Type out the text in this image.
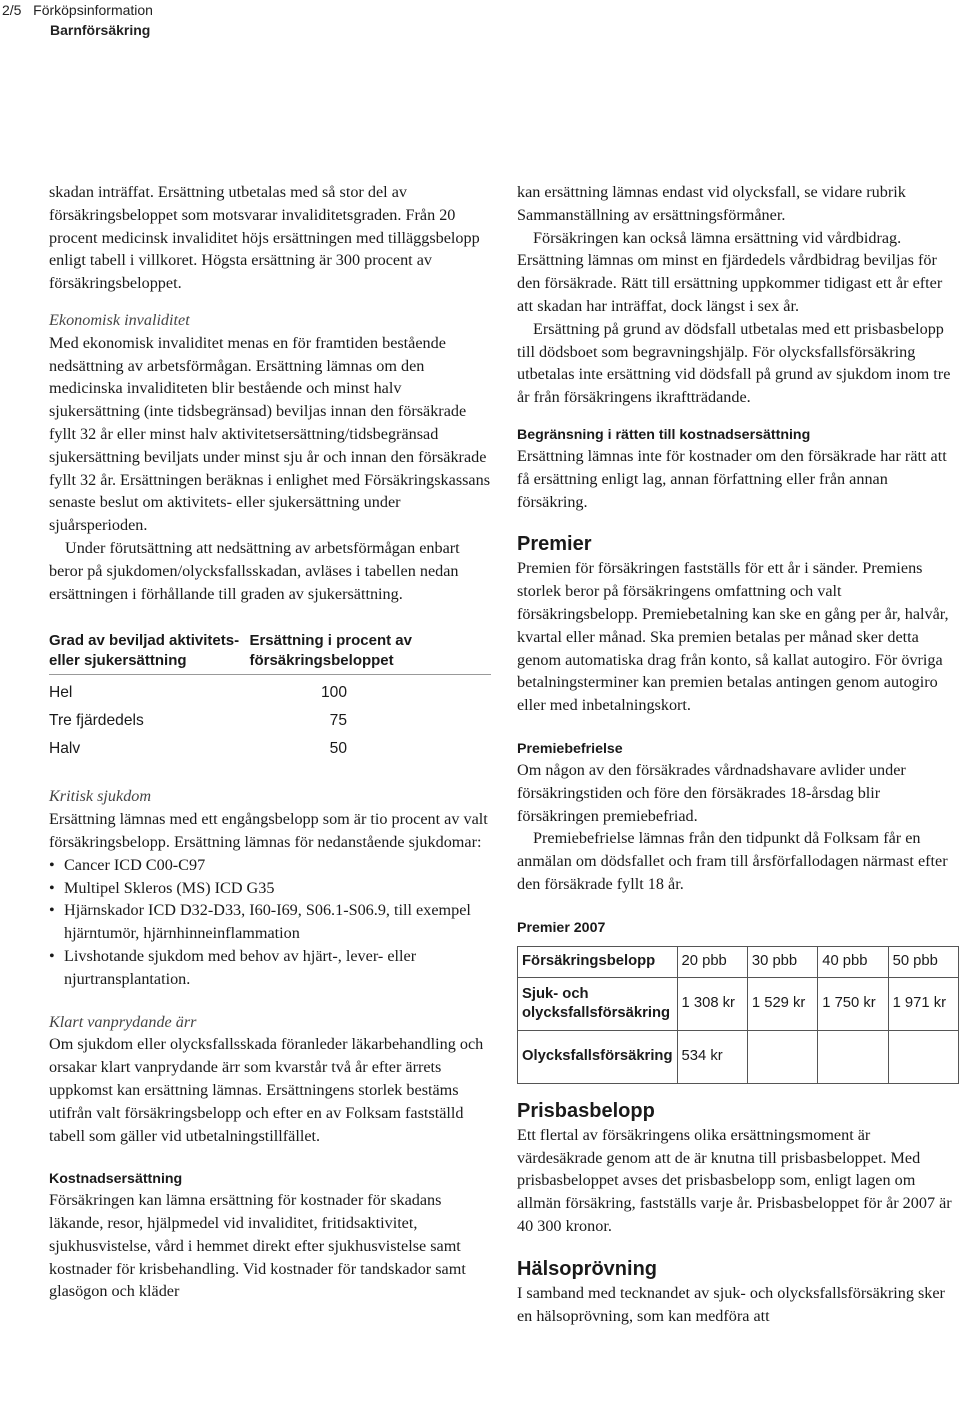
2/5 Förköpsinformation
Barnförsäkring

skadan inträffat. Ersättning utbetalas med så stor del av försäkringsbeloppet som motsvarar invaliditetsgraden. Från 20 procent medicinsk invaliditet höjs ersättningen med tilläggsbelopp enligt tabell i villkoret. Högsta ersättning är 300 procent av försäkringsbeloppet.

Ekonomisk invaliditet

Med ekonomisk invaliditet menas en för framtiden bestående nedsättning av arbetsförmågan. Ersättning lämnas om den medicinska invaliditeten blir bestående och minst halv sjukersättning (inte tidsbegränsad) beviljas innan den försäkrade fyllt 32 år eller minst halv aktivitetsersättning/tidsbegränsad sjukersättning beviljats under minst sju år och innan den försäkrade fyllt 32 år. Ersättningen beräknas i enlighet med Försäkringskassans senaste beslut om aktivitets- eller sjukersättning under sjuårsperioden.

Under förutsättning att nedsättning av arbetsförmågan enbart beror på sjukdomen/olycksfallsskadan, avläses i tabellen nedan ersättningen i förhållande till graden av sjukersättning.

Grad av beviljad aktivitets- eller sjukersättning
Ersättning i procent av försäkringsbeloppet
Hel	100
Tre fjärdedels	75
Halv	50

Kritisk sjukdom

Ersättning lämnas med ett engångsbelopp som är tio procent av valt försäkringsbelopp. Ersättning lämnas för nedanstående sjukdomar:

• Cancer ICD C00-C97
• Multipel Skleros (MS) ICD G35
• Hjärnskador ICD D32-D33, I60-I69, S06.1-S06.9, till exempel hjärntumör, hjärnhinneinflammation
• Livshotande sjukdom med behov av hjärt-, lever- eller njurtransplantation.

Klart vanprydande ärr

Om sjukdom eller olycksfallsskada föranleder läkarbehandling och orsakar klart vanprydande ärr som kvarstår två år efter ärrets uppkomst kan ersättning lämnas. Ersättningens storlek bestäms utifrån valt försäkringsbelopp och efter en av Folksam fastställd tabell som gäller vid utbetalningstillfället.

Kostnadsersättning

Försäkringen kan lämna ersättning för kostnader för skadans läkande, resor, hjälpmedel vid invaliditet, fritidsaktivitet, sjukhusvistelse, vård i hemmet direkt efter sjukhusvistelse samt kostnader för krisbehandling. Vid kostnader för tandskador samt glasögon och kläder

kan ersättning lämnas endast vid olycksfall, se vidare rubrik Sammanställning av ersättningsförmåner.

Försäkringen kan också lämna ersättning vid vårdbidrag. Ersättning lämnas om minst en fjärdedels vårdbidrag beviljas för den försäkrade. Rätt till ersättning uppkommer tidigast ett år efter att skadan har inträffat, dock längst i sex år.

Ersättning på grund av dödsfall utbetalas med ett prisbasbelopp till dödsboet som begravningshjälp. För olycksfallsförsäkring utbetalas inte ersättning vid dödsfall på grund av sjukdom inom tre år från försäkringens ikraftträdande.

Begränsning i rätten till kostnadsersättning

Ersättning lämnas inte för kostnader om den försäkrade har rätt att få ersättning enligt lag, annan författning eller från annan försäkring.

Premier

Premien för försäkringen fastställs för ett år i sänder. Premiens storlek beror på försäkringens omfattning och valt försäkringsbelopp. Premiebetalning kan ske en gång per år, halvår, kvartal eller månad. Ska premien betalas per månad sker detta genom automatiska drag från konto, så kallat autogiro. För övriga betalningsterminer kan premien betalas antingen genom autogiro eller med inbetalningskort.

Premiebefrielse

Om någon av den försäkrades vårdnadshavare avlider under försäkringstiden och före den försäkrades 18-årsdag blir försäkringen premiebefriad.

Premiebefrielse lämnas från den tidpunkt då Folksam får en anmälan om dödsfallet och fram till årsförfallodagen närmast efter den försäkrade fyllt 18 år.

Premier 2007

Försäkringsbelopp	20 pbb	30 pbb	40 pbb	50 pbb
Sjuk- och olycksfallsförsäkring	1 308 kr	1 529 kr	1 750 kr	1 971 kr
Olycksfallsförsäkring	534 kr			

Prisbasbelopp

Ett flertal av försäkringens olika ersättningsmoment är värdesäkrade genom att de är knutna till prisbasbeloppet. Med prisbasbeloppet avses det prisbasbelopp som, enligt lagen om allmän försäkring, fastställs varje år. Prisbasbeloppet för år 2007 är 40 300 kronor.

Hälsoprövning

I samband med tecknandet av sjuk- och olycksfallsförsäkring sker en hälsoprövning, som kan medföra att
